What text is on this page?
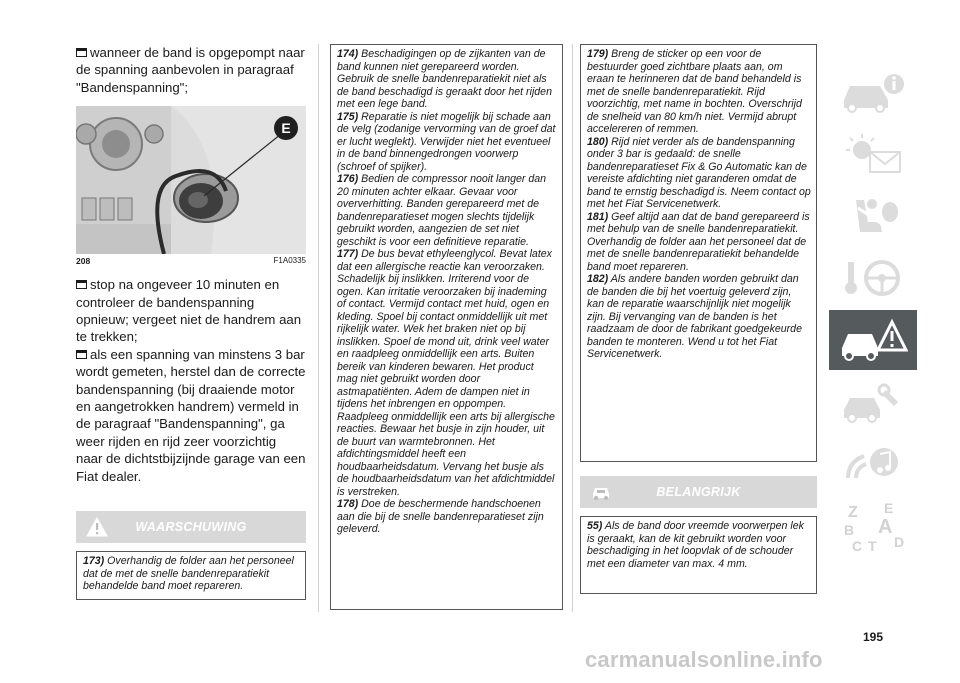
wanneer de band is opgepompt naar de spanning aanbevolen in paragraaf "Bandenspanning";

E
208	F1A0335

stop na ongeveer 10 minuten en controleer de bandenspanning opnieuw; vergeet niet de handrem aan te trekken;

als een spanning van minstens 3 bar wordt gemeten, herstel dan de correcte bandenspanning (bij draaiende motor en aangetrokken handrem) vermeld in de paragraaf "Bandenspanning", ga weer rijden en rijd zeer voorzichtig naar de dichtstbijzijnde garage van een Fiat dealer.

WAARSCHUWING

173) Overhandig de folder aan het personeel dat de met de snelle bandenreparatiekit behandelde band moet repareren.

174) Beschadigingen op de zijkanten van de band kunnen niet gerepareerd worden. Gebruik de snelle bandenreparatiekit niet als de band beschadigd is geraakt door het rijden met een lege band.

175) Reparatie is niet mogelijk bij schade aan de velg (zodanige vervorming van de groef dat er lucht weglekt). Verwijder niet het eventueel in de band binnengedrongen voorwerp (schroef of spijker).

176) Bedien de compressor nooit langer dan 20 minuten achter elkaar. Gevaar voor oververhitting. Banden gerepareerd met de bandenreparatieset mogen slechts tijdelijk gebruikt worden, aangezien de set niet geschikt is voor een definitieve reparatie.

177) De bus bevat ethyleenglycol. Bevat latex dat een allergische reactie kan veroorzaken. Schadelijk bij inslikken. Irriterend voor de ogen. Kan irritatie veroorzaken bij inademing of contact. Vermijd contact met huid, ogen en kleding. Spoel bij contact onmiddellijk uit met rijkelijk water. Wek het braken niet op bij inslikken. Spoel de mond uit, drink veel water en raadpleeg onmiddellijk een arts. Buiten bereik van kinderen bewaren. Het product mag niet gebruikt worden door astmapatiënten. Adem de dampen niet in tijdens het inbrengen en oppompen. Raadpleeg onmiddellijk een arts bij allergische reacties. Bewaar het busje in zijn houder, uit de buurt van warmtebronnen. Het afdichtingsmiddel heeft een houdbaarheidsdatum. Vervang het busje als de houdbaarheidsdatum van het afdichtmiddel is verstreken.

178) Doe de beschermende handschoenen aan die bij de snelle bandenreparatieset zijn geleverd.

179) Breng de sticker op een voor de bestuurder goed zichtbare plaats aan, om eraan te herinneren dat de band behandeld is met de snelle bandenreparatiekit. Rijd voorzichtig, met name in bochten. Overschrijd de snelheid van 80 km/h niet. Vermijd abrupt accelereren of remmen.

180) Rijd niet verder als de bandenspanning onder 3 bar is gedaald: de snelle bandenreparatieset Fix & Go Automatic kan de vereiste afdichting niet garanderen omdat de band te ernstig beschadigd is. Neem contact op met het Fiat Servicenetwerk.

181) Geef altijd aan dat de band gerepareerd is met behulp van de snelle bandenreparatiekit. Overhandig de folder aan het personeel dat de met de snelle bandenreparatiekit behandelde band moet repareren.

182) Als andere banden worden gebruikt dan de banden die bij het voertuig geleverd zijn, kan de reparatie waarschijnlijk niet mogelijk zijn. Bij vervanging van de banden is het raadzaam de door de fabrikant goedgekeurde banden te monteren. Wend u tot het Fiat Servicenetwerk.

BELANGRIJK

55) Als de band door vreemde voorwerpen lek is geraakt, kan de kit gebruikt worden voor beschadiging in het loopvlak of de schouder met een diameter van max. 4 mm.

Z E
B A
C T D
195
carmanualsonline.info
